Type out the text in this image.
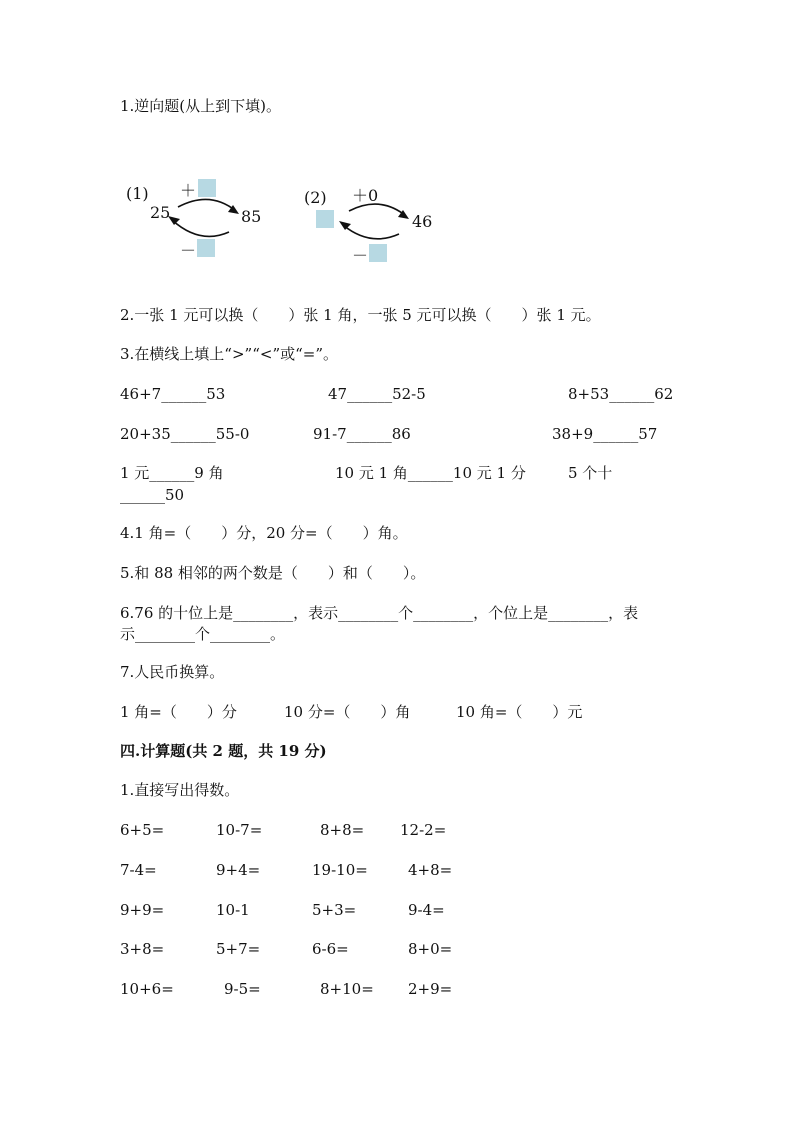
1.逆向题(从上到下填)。
(1) ＋
25	85
－
(2) ＋0
46
－
2.一张 1 元可以换（　　）张 1 角，一张 5 元可以换（　　）张 1 元。
3.在横线上填上“>”“<”或“=”。
46+7______53	47______52-5	8+53______62
20+35______55-0	91-7______86	38+9______57
1 元______9 角	10 元 1 角______10 元 1 分	5 个十
______50
4.1 角=（　　）分，20 分=（　　）角。
5.和 88 相邻的两个数是（　　）和（　　）。
6.76 的十位上是________，表示________个________，个位上是________，表
示________个________。
7.人民币换算。
1 角=（　　）分	10 分=（　　）角	10 角=（　　）元
四.计算题(共 2 题，共 19 分)
1.直接写出得数。
6+5=	10-7=	8+8= 12-2=
7-4=	9+4=	19-10=	4+8=
9+9=	10-1	5+3=	9-4=
3+8=	5+7=	6-6=	8+0=
10+6=	9-5=	8+10= 2+9=
